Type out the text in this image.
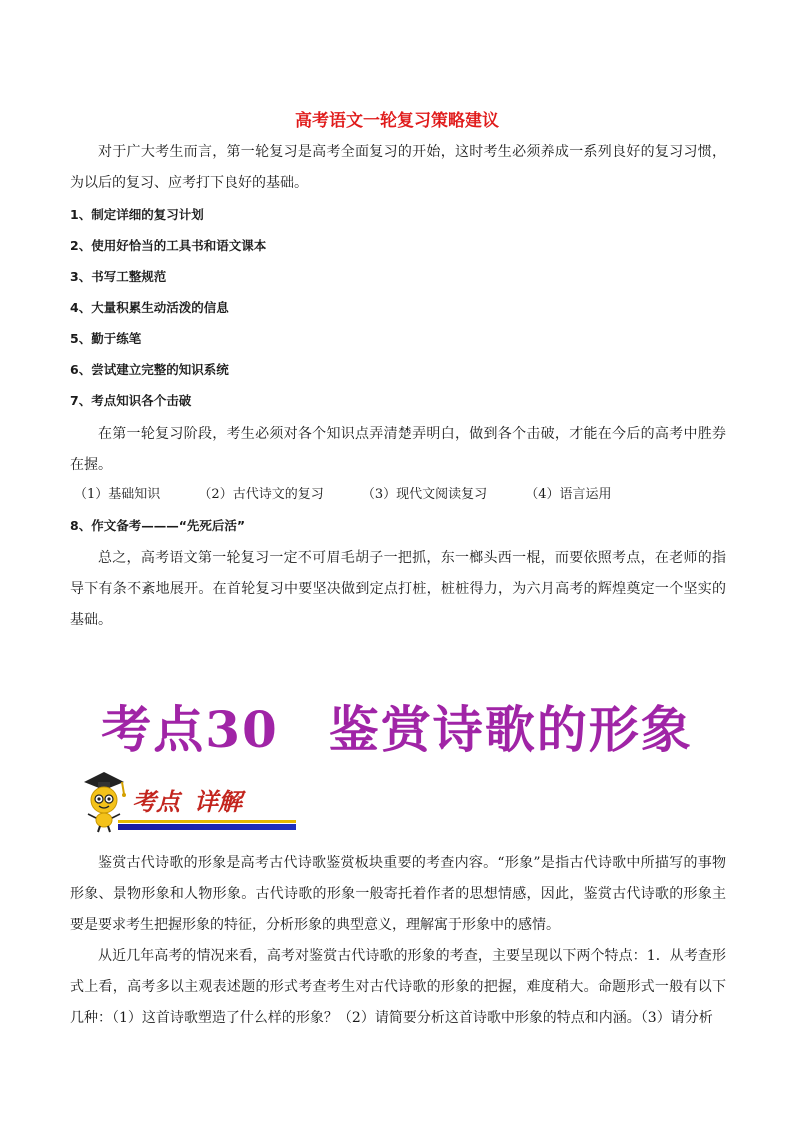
高考语文一轮复习策略建议
对于广大考生而言，第一轮复习是高考全面复习的开始，这时考生必须养成一系列良好的复习习惯，为以后的复习、应考打下良好的基础。
1、制定详细的复习计划
2、使用好恰当的工具书和语文课本
3、书写工整规范
4、大量积累生动活泼的信息
5、勤于练笔
6、尝试建立完整的知识系统
7、考点知识各个击破
在第一轮复习阶段，考生必须对各个知识点弄清楚弄明白，做到各个击破，才能在今后的高考中胜券在握。
（1）基础知识	（2）古代诗文的复习	（3）现代文阅读复习	（4）语言运用
8、作文备考———“先死后活”
总之，高考语文第一轮复习一定不可眉毛胡子一把抓，东一榔头西一棍，而要依照考点，在老师的指导下有条不紊地展开。在首轮复习中要坚决做到定点打桩，桩桩得力，为六月高考的辉煌奠定一个坚实的基础。
考点30 鉴赏诗歌的形象
考点 详解
鉴赏古代诗歌的形象是高考古代诗歌鉴赏板块重要的考查内容。“形象”是指古代诗歌中所描写的事物形象、景物形象和人物形象。古代诗歌的形象一般寄托着作者的思想情感，因此，鉴赏古代诗歌的形象主要是要求考生把握形象的特征，分析形象的典型意义，理解寓于形象中的感情。
从近几年高考的情况来看，高考对鉴赏古代诗歌的形象的考查，主要呈现以下两个特点：1．从考查形式上看，高考多以主观表述题的形式考查考生对古代诗歌的形象的把握，难度稍大。命题形式一般有以下几种：（1）这首诗歌塑造了什么样的形象？（2）请简要分析这首诗歌中形象的特点和内涵。（3）请分析
